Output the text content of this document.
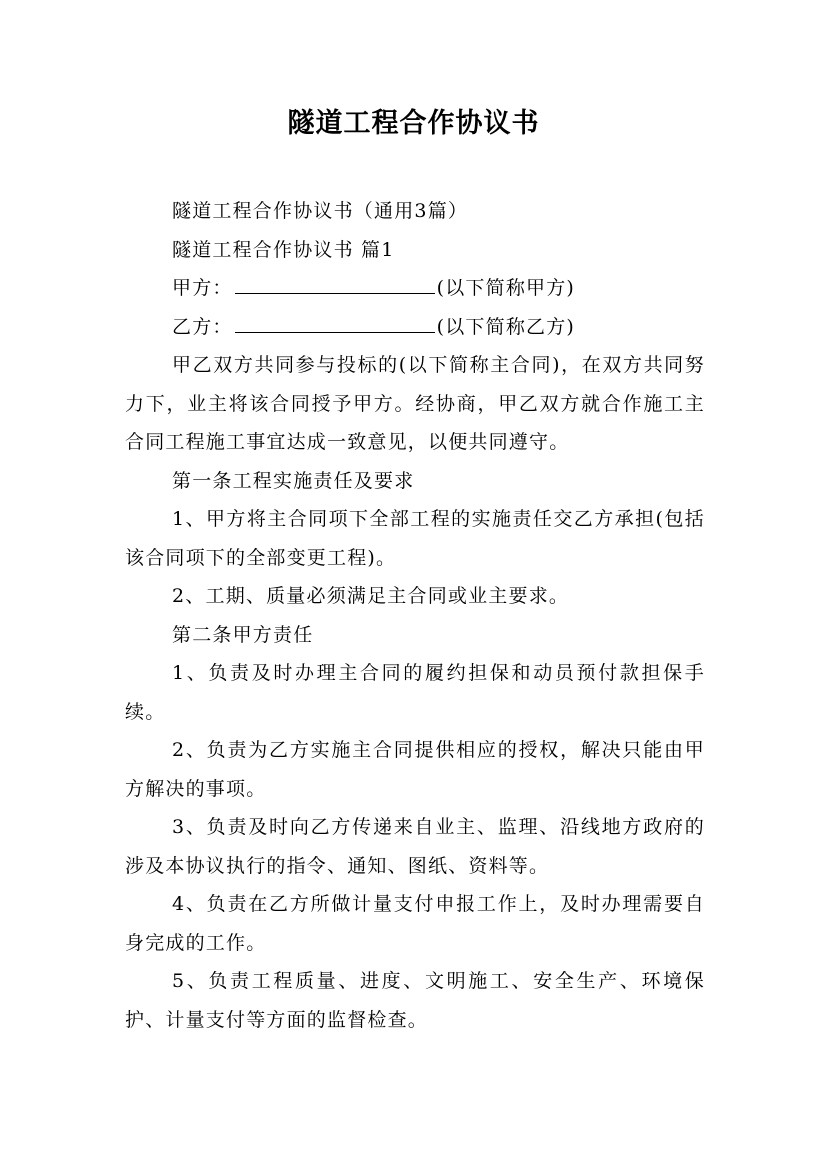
隧道工程合作协议书

隧道工程合作协议书（通用3篇）

隧道工程合作协议书 篇1

甲方：	(以下简称甲方)

乙方：	(以下简称乙方)

甲乙双方共同参与投标的(以下简称主合同)，在双方共同努力下，业主将该合同授予甲方。经协商，甲乙双方就合作施工主合同工程施工事宜达成一致意见，以便共同遵守。

第一条工程实施责任及要求

1、甲方将主合同项下全部工程的实施责任交乙方承担(包括该合同项下的全部变更工程)。

2、工期、质量必须满足主合同或业主要求。

第二条甲方责任

1、负责及时办理主合同的履约担保和动员预付款担保手续。

2、负责为乙方实施主合同提供相应的授权，解决只能由甲方解决的事项。

3、负责及时向乙方传递来自业主、监理、沿线地方政府的涉及本协议执行的指令、通知、图纸、资料等。

4、负责在乙方所做计量支付申报工作上，及时办理需要自身完成的工作。

5、负责工程质量、进度、文明施工、安全生产、环境保护、计量支付等方面的监督检查。
